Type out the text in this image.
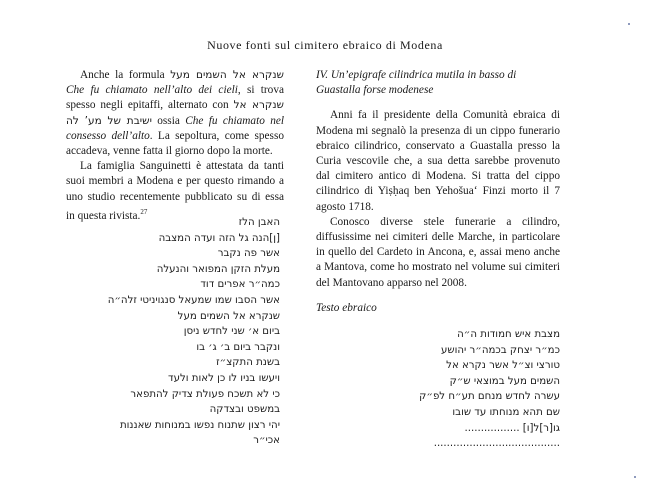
Nuove fonti sul cimitero ebraico di Modena

Anche la formula שנקרא אל השמים מעל Che fu chiamato nell’alto dei cieli, si trova spesso negli epitaffi, alternato con שנקרא אל ישיבת של מע’ לה	ossia Che fu chiamato nel consesso dell’alto. La sepoltura, come spesso accadeva, venne fatta il giorno dopo la morte.

La famiglia Sanguinetti è attestata da tanti suoi membri a Modena e per questo rimando a uno studio recentemente pubblicato su di essa in questa rivista.$^{27}$

האבן הלז
[ן]הנה גל הזה ועדה המצבה
אשר פה נקבר
מעלת הזקן המפואר והנעלה
כמה״ר אפרים דוד
אשר הסבו שמו שמעאל סנגויניטי זלה״ה
שנקרא אל השמים מעל
ביום א׳ שני לחדש ניסן
ונקבר ביום ב׳ ג׳ בו
בשנת התקצ״ז
ויעשו בניו לו כן לאות ולעד
כי לא תשכח פעולת צדיק להתפאר
במשפט ובצדקה
יהי רצון שתנוח נפשו במנוחות שאננות
אכי״ר

IV. Un’epigrafe cilindrica mutila in basso di Guastalla forse modenese

Anni fa il presidente della Comunità ebraica di Modena mi segnalò la presenza di un cippo funerario ebraico cilindrico, conservato a Guastalla presso la Curia vescovile che, a sua detta sarebbe provenuto dal cimitero antico di Modena. Si tratta del cippo cilindrico di Yiṣḥaq ben Yehošua‘ Finzi morto il 7 agosto 1718.

Conosco diverse stele funerarie a cilindro, diffusissime nei cimiteri delle Marche, in particolare in quello del Cardeto in Ancona, e, assai meno anche a Mantova, come ho mostrato nel volume sui cimiteri del Mantovano apparso nel 2008.

Testo ebraico

מצבת איש חמודות ה״ה
כמ״ר יצחק בכמה״ר יהושע
טורצי וצ״ל אשר נקרא אל
השמים מעל במוצאי ש״ק
עשרה לחדש מנחם תע״ח לפ״ק
שם תהא מנוחתו עד שובו
גו[ר]ל[ו] .................
.......................................
